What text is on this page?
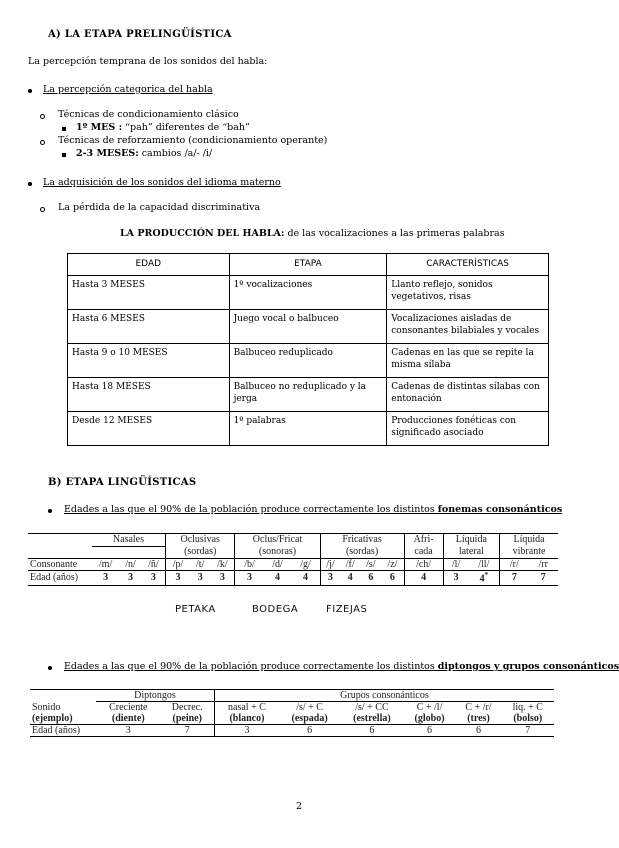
A) LA ETAPA PRELINGÜÍSTICA
La percepción temprana de los sonidos del habla:
La percepción categorica del habla
Técnicas de condicionamiento clásico
1º MES : “pah” diferentes de “bah”
Técnicas de reforzamiento (condicionamiento operante)
2-3 MESES: cambios /a/- /i/
La adquisición de los sonidos del idioma materno
La pérdida de la capacidad discriminativa
LA PRODUCCIÓN DEL HABLA: de las vocalizaciones a las primeras palabras
EDAD	ETAPA	CARACTERÍSTICAS
Hasta 3 MESES	1º vocalizaciones	Llanto reflejo, sonidos vegetativos, risas
Hasta 6 MESES	Juego vocal o balbuceo	Vocalizaciones aisladas de consonantes bilabiales y vocales
Hasta 9 o 10 MESES	Balbuceo reduplicado	Cadenas en las que se repite la misma sílaba
Hasta 18 MESES	Balbuceo no reduplicado y la jerga	Cadenas de distintas sílabas con entonación
Desde 12 MESES	1º palabras	Producciones fonéticas con significado asociado
B) ETAPA LINGÜÍSTICAS
Edades a las que el 90% de la población produce correctamente los distintos fonemas consonánticos
	Nasales			Oclusivas			Oclus/Fricat			Fricativas				Afri-	Líquida		Líquida	
				(sordas)			(sonoras)			(sordas)				cada	lateral		vibrante	
Consonante	/m/	/n/	/ñ/	/p/	/t/	/k/	/b/	/d/	/g/	/j/	/f/	/s/	/z/	/ch/	/l/	/ll/	/r/	/rr
Edad (años)	3	3	3	3	3	3	3	4	4	3	4	6	6	4	3	4*	7	7
PETAKA	BODEGA	FIZEJAS
Edades a las que el 90% de la población produce correctamente los distintos diptongos y grupos consonánticos
	Diptongos		Grupos consonánticos					
Sonido	Creciente	Decrec.	nasal + C	/s/ + C	/s/ + CC	C + /l/	C + /r/	liq. + C
(ejemplo)	(diente)	(peine)	(blanco)	(espada)	(estrella)	(globo)	(tres)	(bolso)
Edad (años)	3	7	3	6	6	6	6	7
2
